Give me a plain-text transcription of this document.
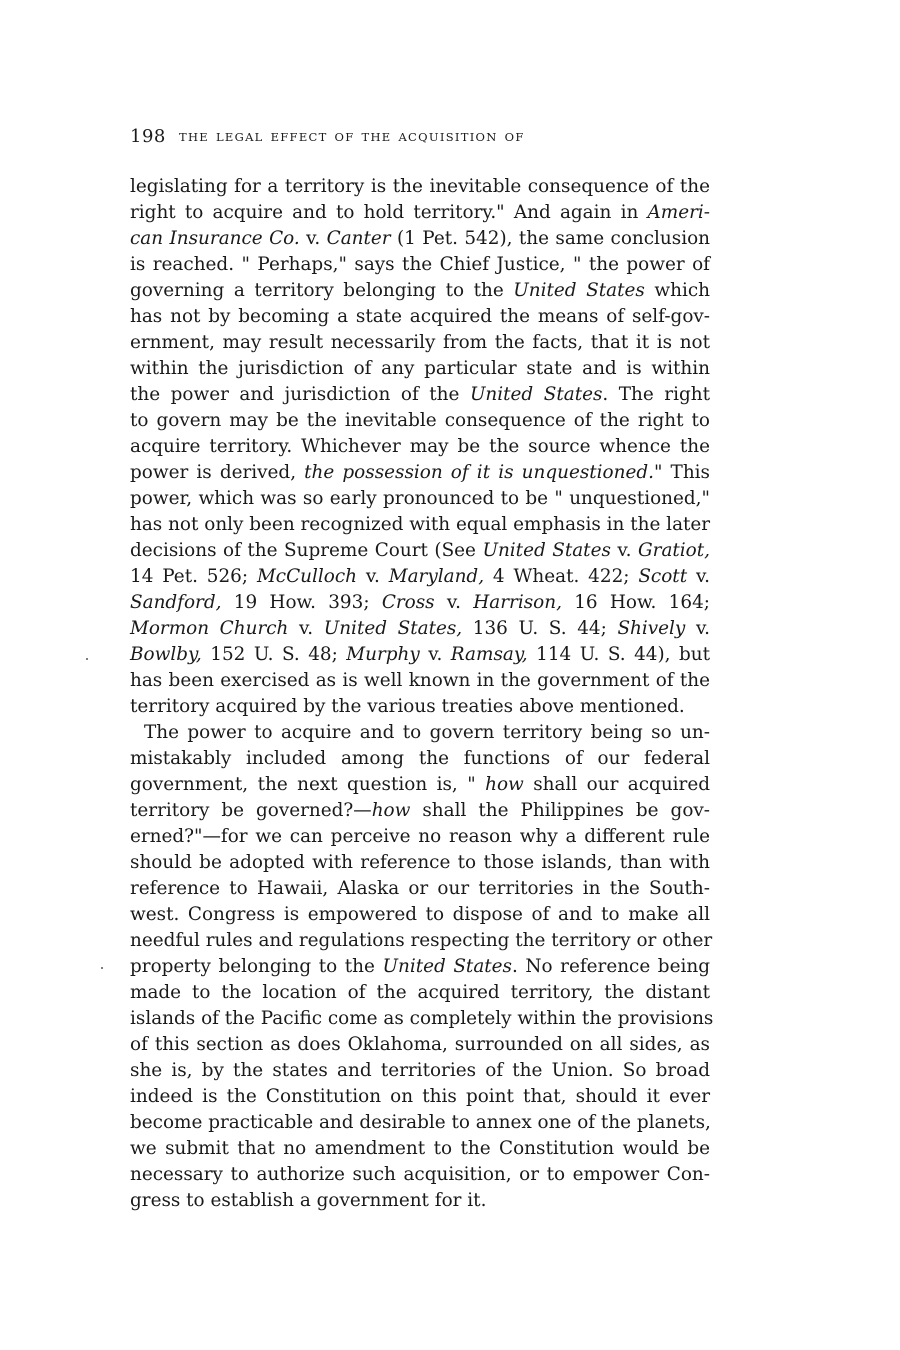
198 THE LEGAL EFFECT OF THE ACQUISITION OF
legislating for a territory is the inevitable consequence of the
right to acquire and to hold territory." And again in Ameri-
can Insurance Co. v. Canter (1 Pet. 542), the same conclusion
is reached. " Perhaps," says the Chief Justice, " the power of
governing a territory belonging to the United States which
has not by becoming a state acquired the means of self-gov-
ernment, may result necessarily from the facts, that it is not
within the jurisdiction of any particular state and is within
the power and jurisdiction of the United States. The right
to govern may be the inevitable consequence of the right to
acquire territory. Whichever may be the source whence the
power is derived, the possession of it is unquestioned." This
power, which was so early pronounced to be " unquestioned,"
has not only been recognized with equal emphasis in the later
decisions of the Supreme Court (See United States v. Gratiot,
14 Pet. 526; McCulloch v. Maryland, 4 Wheat. 422; Scott v.
Sandford, 19 How. 393; Cross v. Harrison, 16 How. 164;
Mormon Church v. United States, 136 U. S. 44; Shively v.
Bowlby, 152 U. S. 48; Murphy v. Ramsay, 114 U. S. 44), but
has been exercised as is well known in the government of the
territory acquired by the various treaties above mentioned.
The power to acquire and to govern territory being so un-
mistakably included among the functions of our federal
government, the next question is, " how shall our acquired
territory be governed?—how shall the Philippines be gov-
erned?"—for we can perceive no reason why a different rule
should be adopted with reference to those islands, than with
reference to Hawaii, Alaska or our territories in the South-
west. Congress is empowered to dispose of and to make all
needful rules and regulations respecting the territory or other
property belonging to the United States. No reference being
made to the location of the acquired territory, the distant
islands of the Pacific come as completely within the provisions
of this section as does Oklahoma, surrounded on all sides, as
she is, by the states and territories of the Union. So broad
indeed is the Constitution on this point that, should it ever
become practicable and desirable to annex one of the planets,
we submit that no amendment to the Constitution would be
necessary to authorize such acquisition, or to empower Con-
gress to establish a government for it.
